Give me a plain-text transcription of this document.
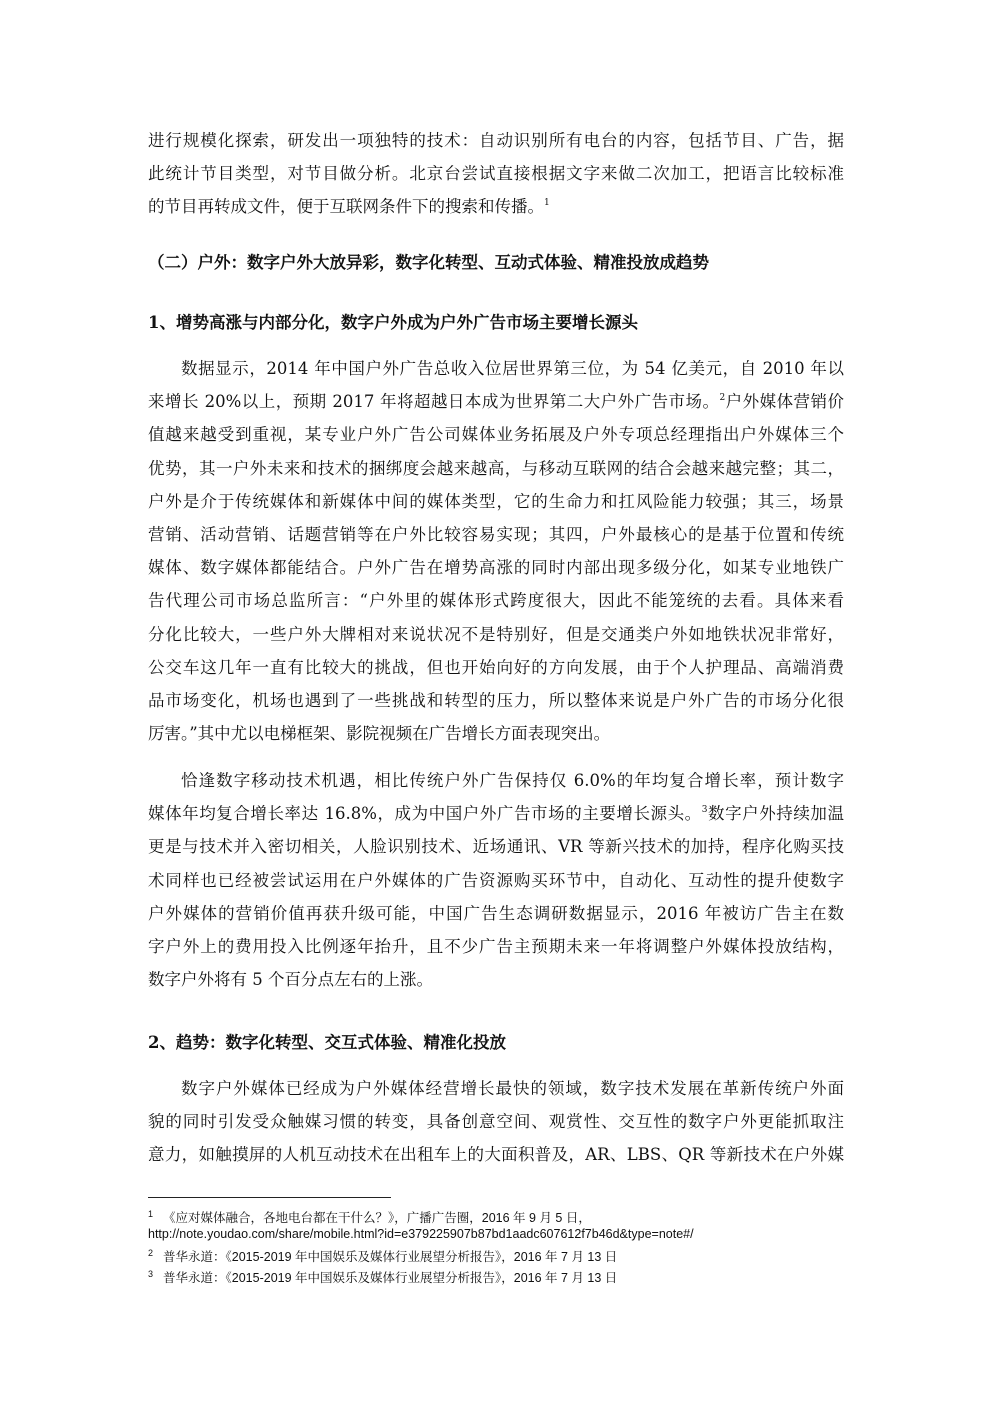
进行规模化探索，研发出一项独特的技术：自动识别所有电台的内容，包括节目、广告，据
此统计节目类型，对节目做分析。北京台尝试直接根据文字来做二次加工，把语言比较标准
的节目再转成文件，便于互联网条件下的搜索和传播。$^1$
（二）户外：数字户外大放异彩，数字化转型、互动式体验、精准投放成趋势
1、增势高涨与内部分化，数字户外成为户外广告市场主要增长源头
数据显示，2014 年中国户外广告总收入位居世界第三位，为 54 亿美元，自 2010 年以
来增长 20%以上，预期 2017 年将超越日本成为世界第二大户外广告市场。$^2$户外媒体营销价
值越来越受到重视，某专业户外广告公司媒体业务拓展及户外专项总经理指出户外媒体三个
优势，其一户外未来和技术的捆绑度会越来越高，与移动互联网的结合会越来越完整；其二，
户外是介于传统媒体和新媒体中间的媒体类型，它的生命力和扛风险能力较强；其三，场景
营销、活动营销、话题营销等在户外比较容易实现；其四，户外最核心的是基于位置和传统
媒体、数字媒体都能结合。户外广告在增势高涨的同时内部出现多级分化，如某专业地铁广
告代理公司市场总监所言：“户外里的媒体形式跨度很大，因此不能笼统的去看。具体来看
分化比较大，一些户外大牌相对来说状况不是特别好，但是交通类户外如地铁状况非常好，
公交车这几年一直有比较大的挑战，但也开始向好的方向发展，由于个人护理品、高端消费
品市场变化，机场也遇到了一些挑战和转型的压力，所以整体来说是户外广告的市场分化很
厉害。”其中尤以电梯框架、影院视频在广告增长方面表现突出。
恰逢数字移动技术机遇，相比传统户外广告保持仅 6.0%的年均复合增长率，预计数字
媒体年均复合增长率达 16.8%，成为中国户外广告市场的主要增长源头。$^3$数字户外持续加温
更是与技术并入密切相关，人脸识别技术、近场通讯、VR 等新兴技术的加持，程序化购买技
术同样也已经被尝试运用在户外媒体的广告资源购买环节中，自动化、互动性的提升使数字
户外媒体的营销价值再获升级可能，中国广告生态调研数据显示，2016 年被访广告主在数
字户外上的费用投入比例逐年抬升，且不少广告主预期未来一年将调整户外媒体投放结构，
数字户外将有 5 个百分点左右的上涨。
2、趋势：数字化转型、交互式体验、精准化投放
数字户外媒体已经成为户外媒体经营增长最快的领域，数字技术发展在革新传统户外面
貌的同时引发受众触媒习惯的转变，具备创意空间、观赏性、交互性的数字户外更能抓取注
意力，如触摸屏的人机互动技术在出租车上的大面积普及，AR、LBS、QR 等新技术在户外媒
$^1$ 《应对媒体融合，各地电台都在干什么？》，广播广告圈，2016 年 9 月 5 日，
http://note.youdao.com/share/mobile.html?id=e379225907b87bd1aadc607612f7b46d&type=note#/
$^2$ 普华永道：《2015-2019 年中国娱乐及媒体行业展望分析报告》，2016 年 7 月 13 日
$^3$ 普华永道：《2015-2019 年中国娱乐及媒体行业展望分析报告》，2016 年 7 月 13 日
